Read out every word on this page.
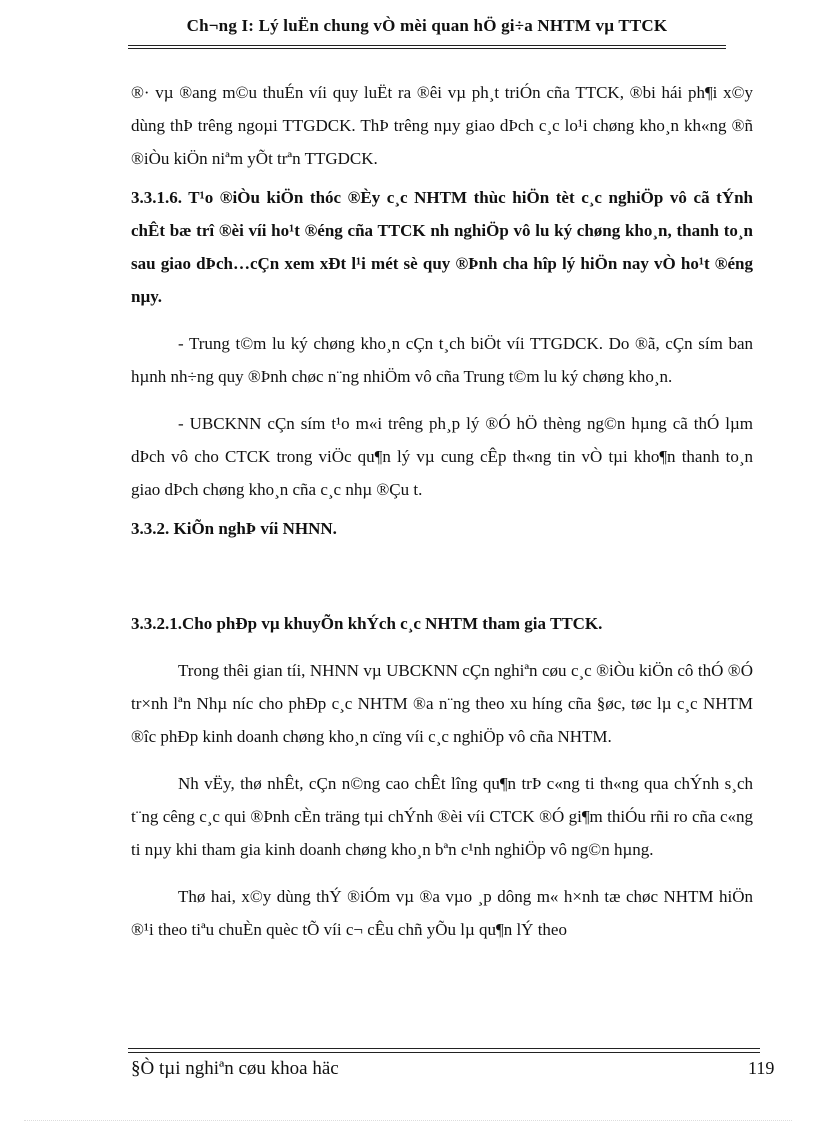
Ch¬ng I: Lý luËn chung vÒ mèi quan hÖ gi÷a NHTM vµ TTCK

®· vµ ®ang m©u thuÉn víi quy luËt ra ®êi vµ ph¸t triÓn cña TTCK, ®bi hái ph¶i x©y dùng thÞ trêng ngoµi TTGDCK. ThÞ trêng nµy giao dÞch c¸c lo¹i chøng kho¸n kh«ng ®ñ ®iÒu kiÖn niªm yÕt trªn TTGDCK.

3.3.1.6. T¹o ®iÒu kiÖn thóc ®Èy c¸c NHTM thùc hiÖn tèt c¸c nghiÖp vô cã tÝnh chÊt bæ trî ®èi víi ho¹t ®éng cña TTCK nh nghiÖp vô lu ký chøng kho¸n, thanh to¸n sau giao dÞch…cÇn xem xÐt l¹i mét sè quy ®Þnh cha hîp lý hiÖn nay vÒ ho¹t ®éng nµy.

- Trung t©m lu ký chøng kho¸n cÇn t¸ch biÖt víi TTGDCK. Do ®ã, cÇn sím ban hµnh nh÷ng quy ®Þnh chøc n¨ng nhiÖm vô cña Trung t©m lu ký chøng kho¸n.

- UBCKNN cÇn sím t¹o m«i trêng ph¸p lý ®Ó hÖ thèng ng©n hµng cã thÓ lµm dÞch vô cho CTCK trong viÖc qu¶n lý vµ cung cÊp th«ng tin vÒ tµi kho¶n thanh to¸n giao dÞch chøng kho¸n cña c¸c nhµ ®Çu t.

3.3.2. KiÕn nghÞ víi NHNN.

3.3.2.1.Cho phÐp vµ khuyÕn khÝch c¸c NHTM tham gia TTCK.

Trong thêi gian tíi, NHNN vµ UBCKNN cÇn nghiªn cøu c¸c ®iÒu kiÖn cô thÓ ®Ó tr×nh lªn Nhµ níc cho phÐp c¸c NHTM ®a n¨ng theo xu híng cña §øc, tøc lµ c¸c NHTM ®îc phÐp kinh doanh chøng kho¸n cïng víi c¸c nghiÖp vô cña NHTM.

Nh vËy, thø nhÊt, cÇn n©ng cao chÊt lîng qu¶n trÞ c«ng ti th«ng qua chÝnh s¸ch t¨ng cêng c¸c qui ®Þnh cÈn träng tµi chÝnh ®èi víi CTCK ®Ó gi¶m thiÓu rñi ro cña c«ng ti nµy khi tham gia kinh doanh chøng kho¸n bªn c¹nh nghiÖp vô ng©n hµng.

Thø hai, x©y dùng thÝ ®iÓm vµ ®a vµo ¸p dông m« h×nh tæ chøc NHTM hiÖn ®¹i theo tiªu chuÈn quèc tÕ víi c¬ cÊu chñ yÕu lµ qu¶n lÝ theo

§Ò tµi nghiªn cøu khoa häc	119
